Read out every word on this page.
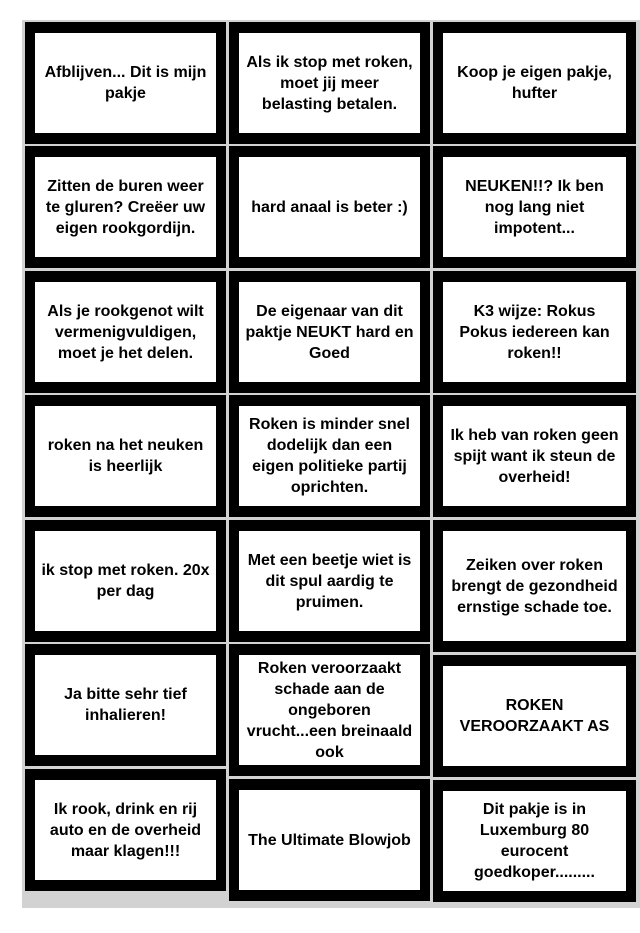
Afblijven... Dit is mijn pakje
Als ik stop met roken, moet jij meer belasting betalen.
Koop je eigen pakje, hufter
Zitten de buren weer te gluren? Creëer uw eigen rookgordijn.
hard anaal is beter :)
NEUKEN!!? Ik ben nog lang niet impotent...
Als je rookgenot wilt vermenigvuldigen, moet je het delen.
De eigenaar van dit paktje NEUKT hard en Goed
K3 wijze: Rokus Pokus iedereen kan roken!!
roken na het neuken is heerlijk
Roken is minder snel dodelijk dan een eigen politieke partij oprichten.
Ik heb van roken geen spijt want ik steun de overheid!
ik stop met roken. 20x per dag
Met een beetje wiet is dit spul aardig te pruimen.
Zeiken over roken brengt de gezondheid ernstige schade toe.
Ja bitte sehr tief inhalieren!
Roken veroorzaakt schade aan de ongeboren vrucht...een breinaald ook
ROKEN VEROORZAAKT AS
Ik rook, drink en rij auto en de overheid maar klagen!!!
The Ultimate Blowjob
Dit pakje is in Luxemburg 80 eurocent goedkoper.........
